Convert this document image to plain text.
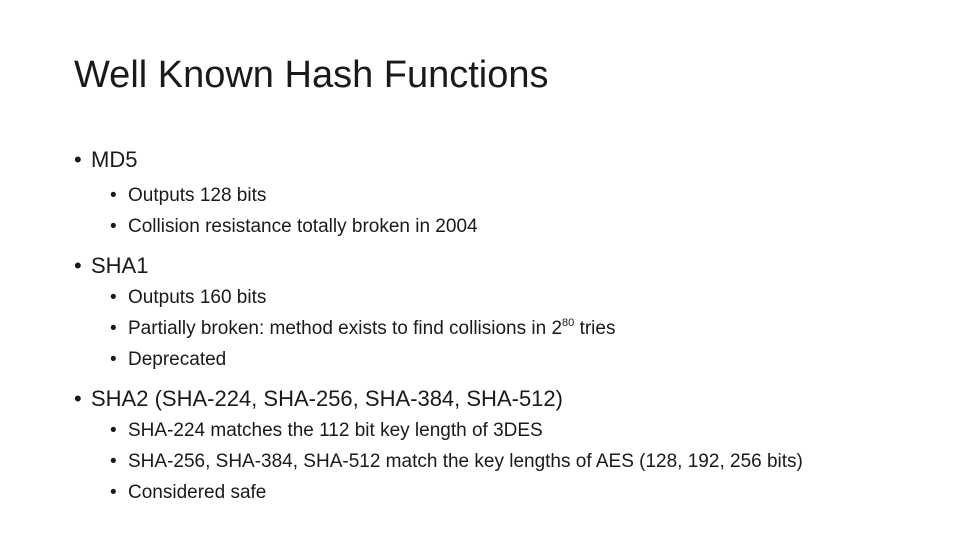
Well Known Hash Functions
• MD5
• Outputs 128 bits
• Collision resistance totally broken in 2004
• SHA1
• Outputs 160 bits
• Partially broken: method exists to find collisions in $2^{80}$ tries
• Deprecated
• SHA2 (SHA-224, SHA-256, SHA-384, SHA-512)
• SHA-224 matches the 112 bit key length of 3DES
• SHA-256, SHA-384, SHA-512 match the key lengths of AES (128, 192, 256 bits)
• Considered safe
